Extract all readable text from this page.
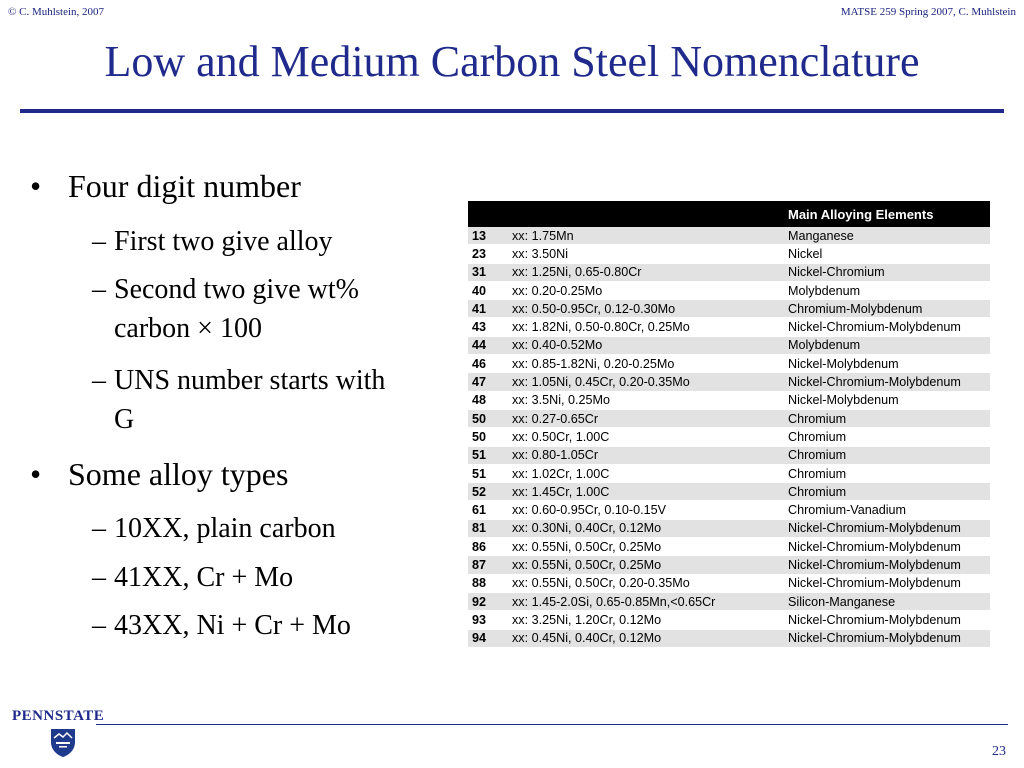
© C. Muhlstein, 2007	MATSE 259 Spring 2007, C. Muhlstein
Low and Medium Carbon Steel Nomenclature
• Four digit number
– First two give alloy
– Second two give wt% carbon × 100
– UNS number starts with G
• Some alloy types
– 10XX, plain carbon
– 41XX, Cr + Mo
– 43XX, Ni + Cr + Mo
		Main Alloying Elements
13	xx: 1.75Mn	Manganese
23	xx: 3.50Ni	Nickel
31	xx: 1.25Ni, 0.65-0.80Cr	Nickel-Chromium
40	xx: 0.20-0.25Mo	Molybdenum
41	xx: 0.50-0.95Cr, 0.12-0.30Mo	Chromium-Molybdenum
43	xx: 1.82Ni, 0.50-0.80Cr, 0.25Mo	Nickel-Chromium-Molybdenum
44	xx: 0.40-0.52Mo	Molybdenum
46	xx: 0.85-1.82Ni, 0.20-0.25Mo	Nickel-Molybdenum
47	xx: 1.05Ni, 0.45Cr, 0.20-0.35Mo	Nickel-Chromium-Molybdenum
48	xx: 3.5Ni, 0.25Mo	Nickel-Molybdenum
50	xx: 0.27-0.65Cr	Chromium
50	xx: 0.50Cr, 1.00C	Chromium
51	xx: 0.80-1.05Cr	Chromium
51	xx: 1.02Cr, 1.00C	Chromium
52	xx: 1.45Cr, 1.00C	Chromium
61	xx: 0.60-0.95Cr, 0.10-0.15V	Chromium-Vanadium
81	xx: 0.30Ni, 0.40Cr, 0.12Mo	Nickel-Chromium-Molybdenum
86	xx: 0.55Ni, 0.50Cr, 0.25Mo	Nickel-Chromium-Molybdenum
87	xx: 0.55Ni, 0.50Cr, 0.25Mo	Nickel-Chromium-Molybdenum
88	xx: 0.55Ni, 0.50Cr, 0.20-0.35Mo	Nickel-Chromium-Molybdenum
92	xx: 1.45-2.0Si, 0.65-0.85Mn,<0.65Cr	Silicon-Manganese
93	xx: 3.25Ni, 1.20Cr, 0.12Mo	Nickel-Chromium-Molybdenum
94	xx: 0.45Ni, 0.40Cr, 0.12Mo	Nickel-Chromium-Molybdenum
PENNSTATE
23
